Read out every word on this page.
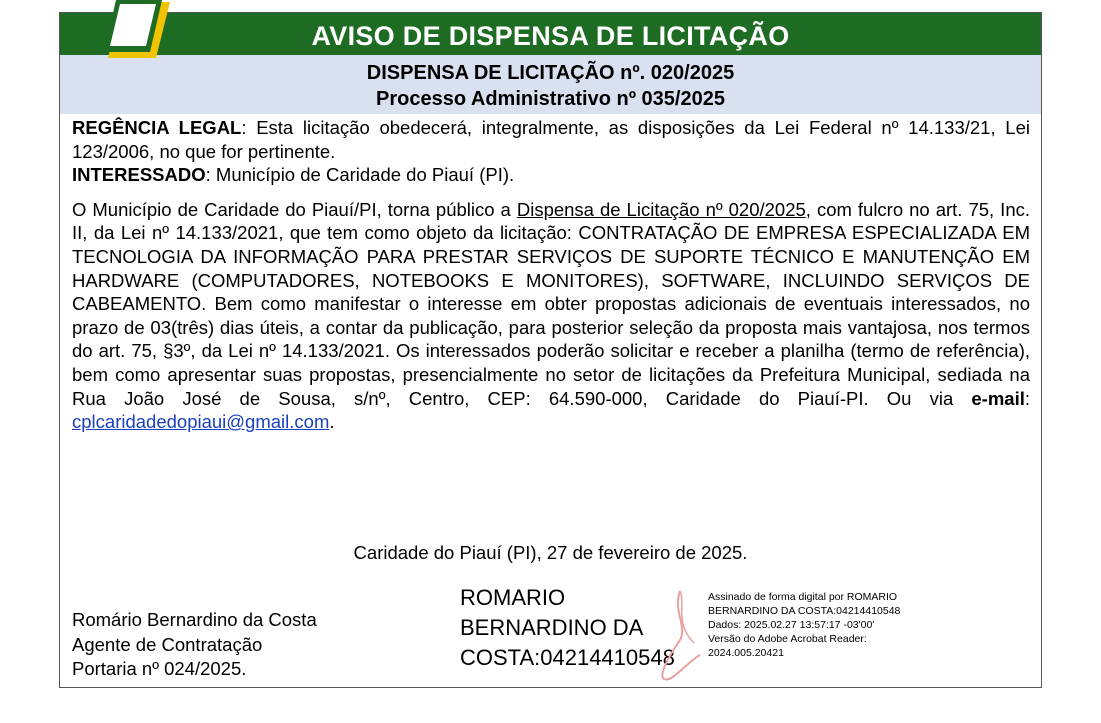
AVISO DE DISPENSA DE LICITAÇÃO
DISPENSA DE LICITAÇÃO nº. 020/2025
Processo Administrativo nº 035/2025

REGÊNCIA LEGAL: Esta licitação obedecerá, integralmente, as disposições da Lei Federal nº 14.133/21, Lei 123/2006, no que for pertinente.

INTERESSADO: Município de Caridade do Piauí (PI).

O Município de Caridade do Piauí/PI, torna público a Dispensa de Licitação nº 020/2025, com fulcro no art. 75, Inc. II, da Lei nº 14.133/2021, que tem como objeto da licitação: CONTRATAÇÃO DE EMPRESA ESPECIALIZADA EM TECNOLOGIA DA INFORMAÇÃO PARA PRESTAR SERVIÇOS DE SUPORTE TÉCNICO E MANUTENÇÃO EM HARDWARE (COMPUTADORES, NOTEBOOKS E MONITORES), SOFTWARE, INCLUINDO SERVIÇOS DE CABEAMENTO. Bem como manifestar o interesse em obter propostas adicionais de eventuais interessados, no prazo de 03(três) dias úteis, a contar da publicação, para posterior seleção da proposta mais vantajosa, nos termos do art. 75, §3º, da Lei nº 14.133/2021. Os interessados poderão solicitar e receber a planilha (termo de referência), bem como apresentar suas propostas, presencialmente no setor de licitações da Prefeitura Municipal, sediada na Rua João José de Sousa, s/nº, Centro, CEP: 64.590-000, Caridade do Piauí-PI. Ou via e-mail: cplcaridadedopiaui@gmail.com.

Caridade do Piauí (PI), 27 de fevereiro de 2025.
Romário Bernardino da Costa
Agente de Contratação
Portaria nº 024/2025.
ROMARIO
BERNARDINO DA
COSTA:04214410548
Assinado de forma digital por ROMARIO
BERNARDINO DA COSTA:04214410548
Dados: 2025.02.27 13:57:17 -03'00'
Versão do Adobe Acrobat Reader:
2024.005.20421
